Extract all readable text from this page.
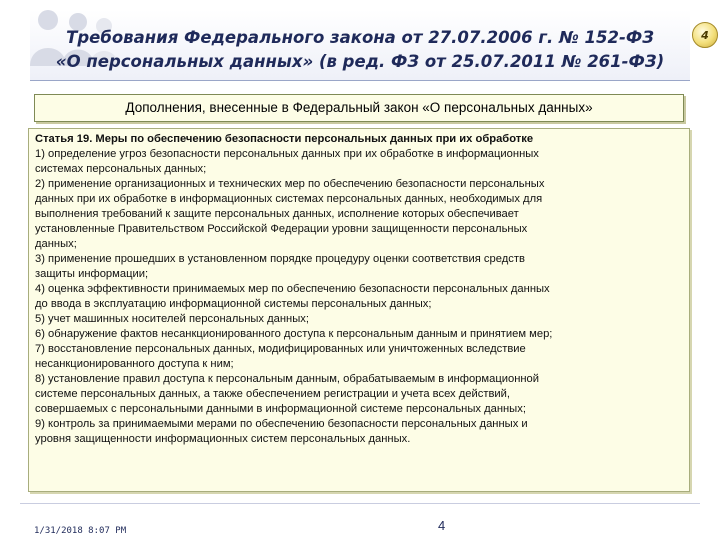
Требования Федерального закона от 27.07.2006 г. № 152-ФЗ
«О персональных данных» (в ред. ФЗ от 25.07.2011 № 261-ФЗ)
4
Дополнения, внесенные в Федеральный закон «О персональных данных»
Статья 19. Меры по обеспечению безопасности персональных данных при их обработке
1) определение угроз безопасности персональных данных при их обработке в информационных
системах персональных данных;
2) применение организационных и технических мер по обеспечению безопасности персональных
данных при их обработке в информационных системах персональных данных, необходимых для
выполнения требований к защите персональных данных, исполнение которых обеспечивает
установленные Правительством Российской Федерации уровни защищенности персональных
данных;
3) применение прошедших в установленном порядке процедуру оценки соответствия средств
защиты информации;
4) оценка эффективности принимаемых мер по обеспечению безопасности персональных данных
до ввода в эксплуатацию информационной системы персональных данных;
5) учет машинных носителей персональных данных;
6) обнаружение фактов несанкционированного доступа к персональным данным и принятием мер;
7) восстановление персональных данных, модифицированных или уничтоженных вследствие
несанкционированного доступа к ним;
8) установление правил доступа к персональным данным, обрабатываемым в информационной
системе персональных данных, а также обеспечением регистрации и учета всех действий,
совершаемых с персональными данными в информационной системе персональных данных;
9) контроль за принимаемыми мерами по обеспечению безопасности персональных данных и
уровня защищенности информационных систем персональных данных.
1/31/2018 8:07 PM	4
